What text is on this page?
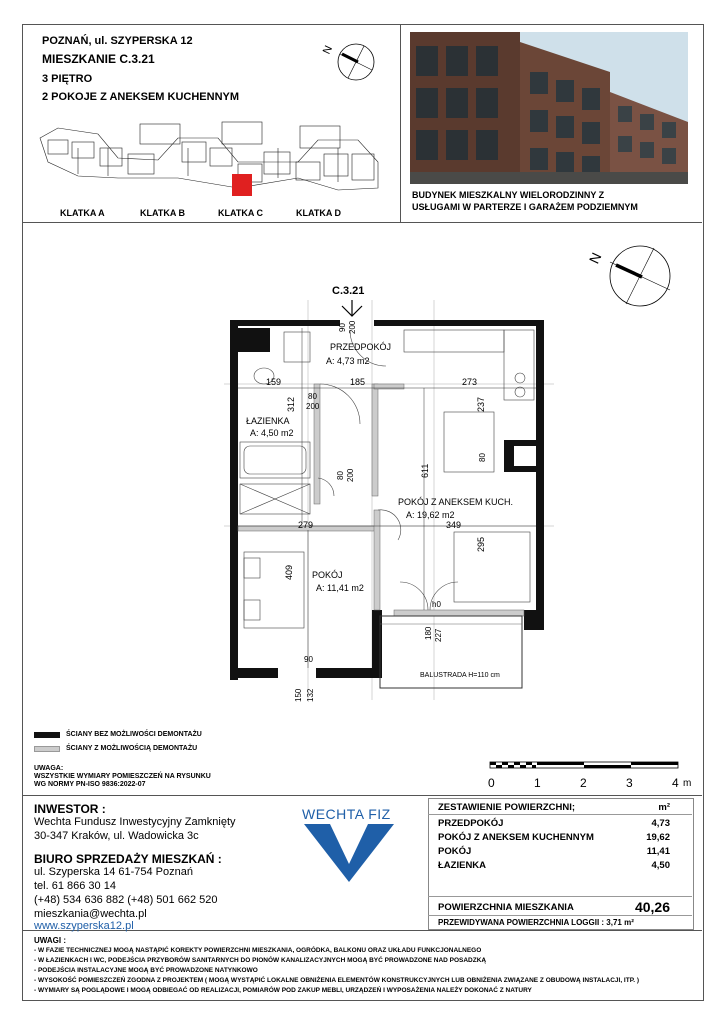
POZNAŃ, ul. SZYPERSKA 12
MIESZKANIE C.3.21
3 PIĘTRO
2 POKOJE Z ANEKSEM KUCHENNYM
N
KLATKA A	KLATKA B	KLATKA C	KLATKA D
BUDYNEK MIESZKALNY WIELORODZINNY Z
USŁUGAMI W PARTERZE I GARAŻEM PODZIEMNYM
N
C.3.21
PRZEDPOKÓJ
A: 4,73 m2
ŁAZIENKA
A: 4,50 m2
POKÓJ Z ANEKSEM KUCH.
A: 19,62 m2
POKÓJ
A: 11,41 m2
159	185	273
279	349
312	237
611
409
295
80
200
80 200
80
90 200
90
150 132
180 227
h0
BALUSTRADA H=110 cm
ŚCIANY BEZ MOŻLIWOŚCI DEMONTAŻU
ŚCIANY Z MOŻLIWOŚCIĄ DEMONTAŻU
UWAGA:
WSZYSTKIE WYMIARY POMIESZCZEŃ NA RYSUNKU
WG NORMY PN-ISO 9836:2022-07	0	1	2	3	4 m
INWESTOR :
Wechta Fundusz Inwestycyjny Zamknięty
30-347 Kraków, ul. Wadowicka 3c
BIURO SPRZEDAŻY MIESZKAŃ :
ul. Szyperska 14 61-754 Poznań
tel. 61 866 30 14
(+48) 534 636 882 (+48) 501 662 520
mieszkania@wechta.pl
www.szyperska12.pl
WECHTA FIZ	ZESTAWIENIE POWIERZCHNI;	m²
PRZEDPOKÓJ	4,73
POKÓJ Z ANEKSEM KUCHENNYM	19,62
POKÓJ	11,41
ŁAZIENKA	4,50
POWIERZCHNIA MIESZKANIA	40,26
PRZEWIDYWANA POWIERZCHNIA LOGGII : 3,71 m²
UWAGI :
- W FAZIE TECHNICZNEJ MOGĄ NASTĄPIĆ KOREKTY POWIERZCHNI MIESZKANIA, OGRÓDKA, BALKONU ORAZ UKŁADU FUNKCJONALNEGO
- W ŁAZIENKACH I WC, PODEJŚCIA PRZYBORÓW SANITARNYCH DO PIONÓW KANALIZACYJNYCH MOGĄ BYĆ PROWADZONE NAD POSADZKĄ
- PODEJŚCIA INSTALACYJNE MOGĄ BYĆ PROWADZONE NATYNKOWO
- WYSOKOŚĆ POMIESZCZEŃ ZGODNA Z PROJEKTEM ( MOGĄ WYSTĄPIĆ LOKALNE OBNIŻENIA ELEMENTÓW KONSTRUKCYJNYCH LUB OBNIŻENIA ZWIĄZANE Z OBUDOWĄ INSTALACJI, ITP. )
- WYMIARY SĄ POGLĄDOWE I MOGĄ ODBIEGAĆ OD REALIZACJI, POMIARÓW POD ZAKUP MEBLI, URZĄDZEŃ I WYPOSAŻENIA NALEŻY DOKONAĆ Z NATURY
